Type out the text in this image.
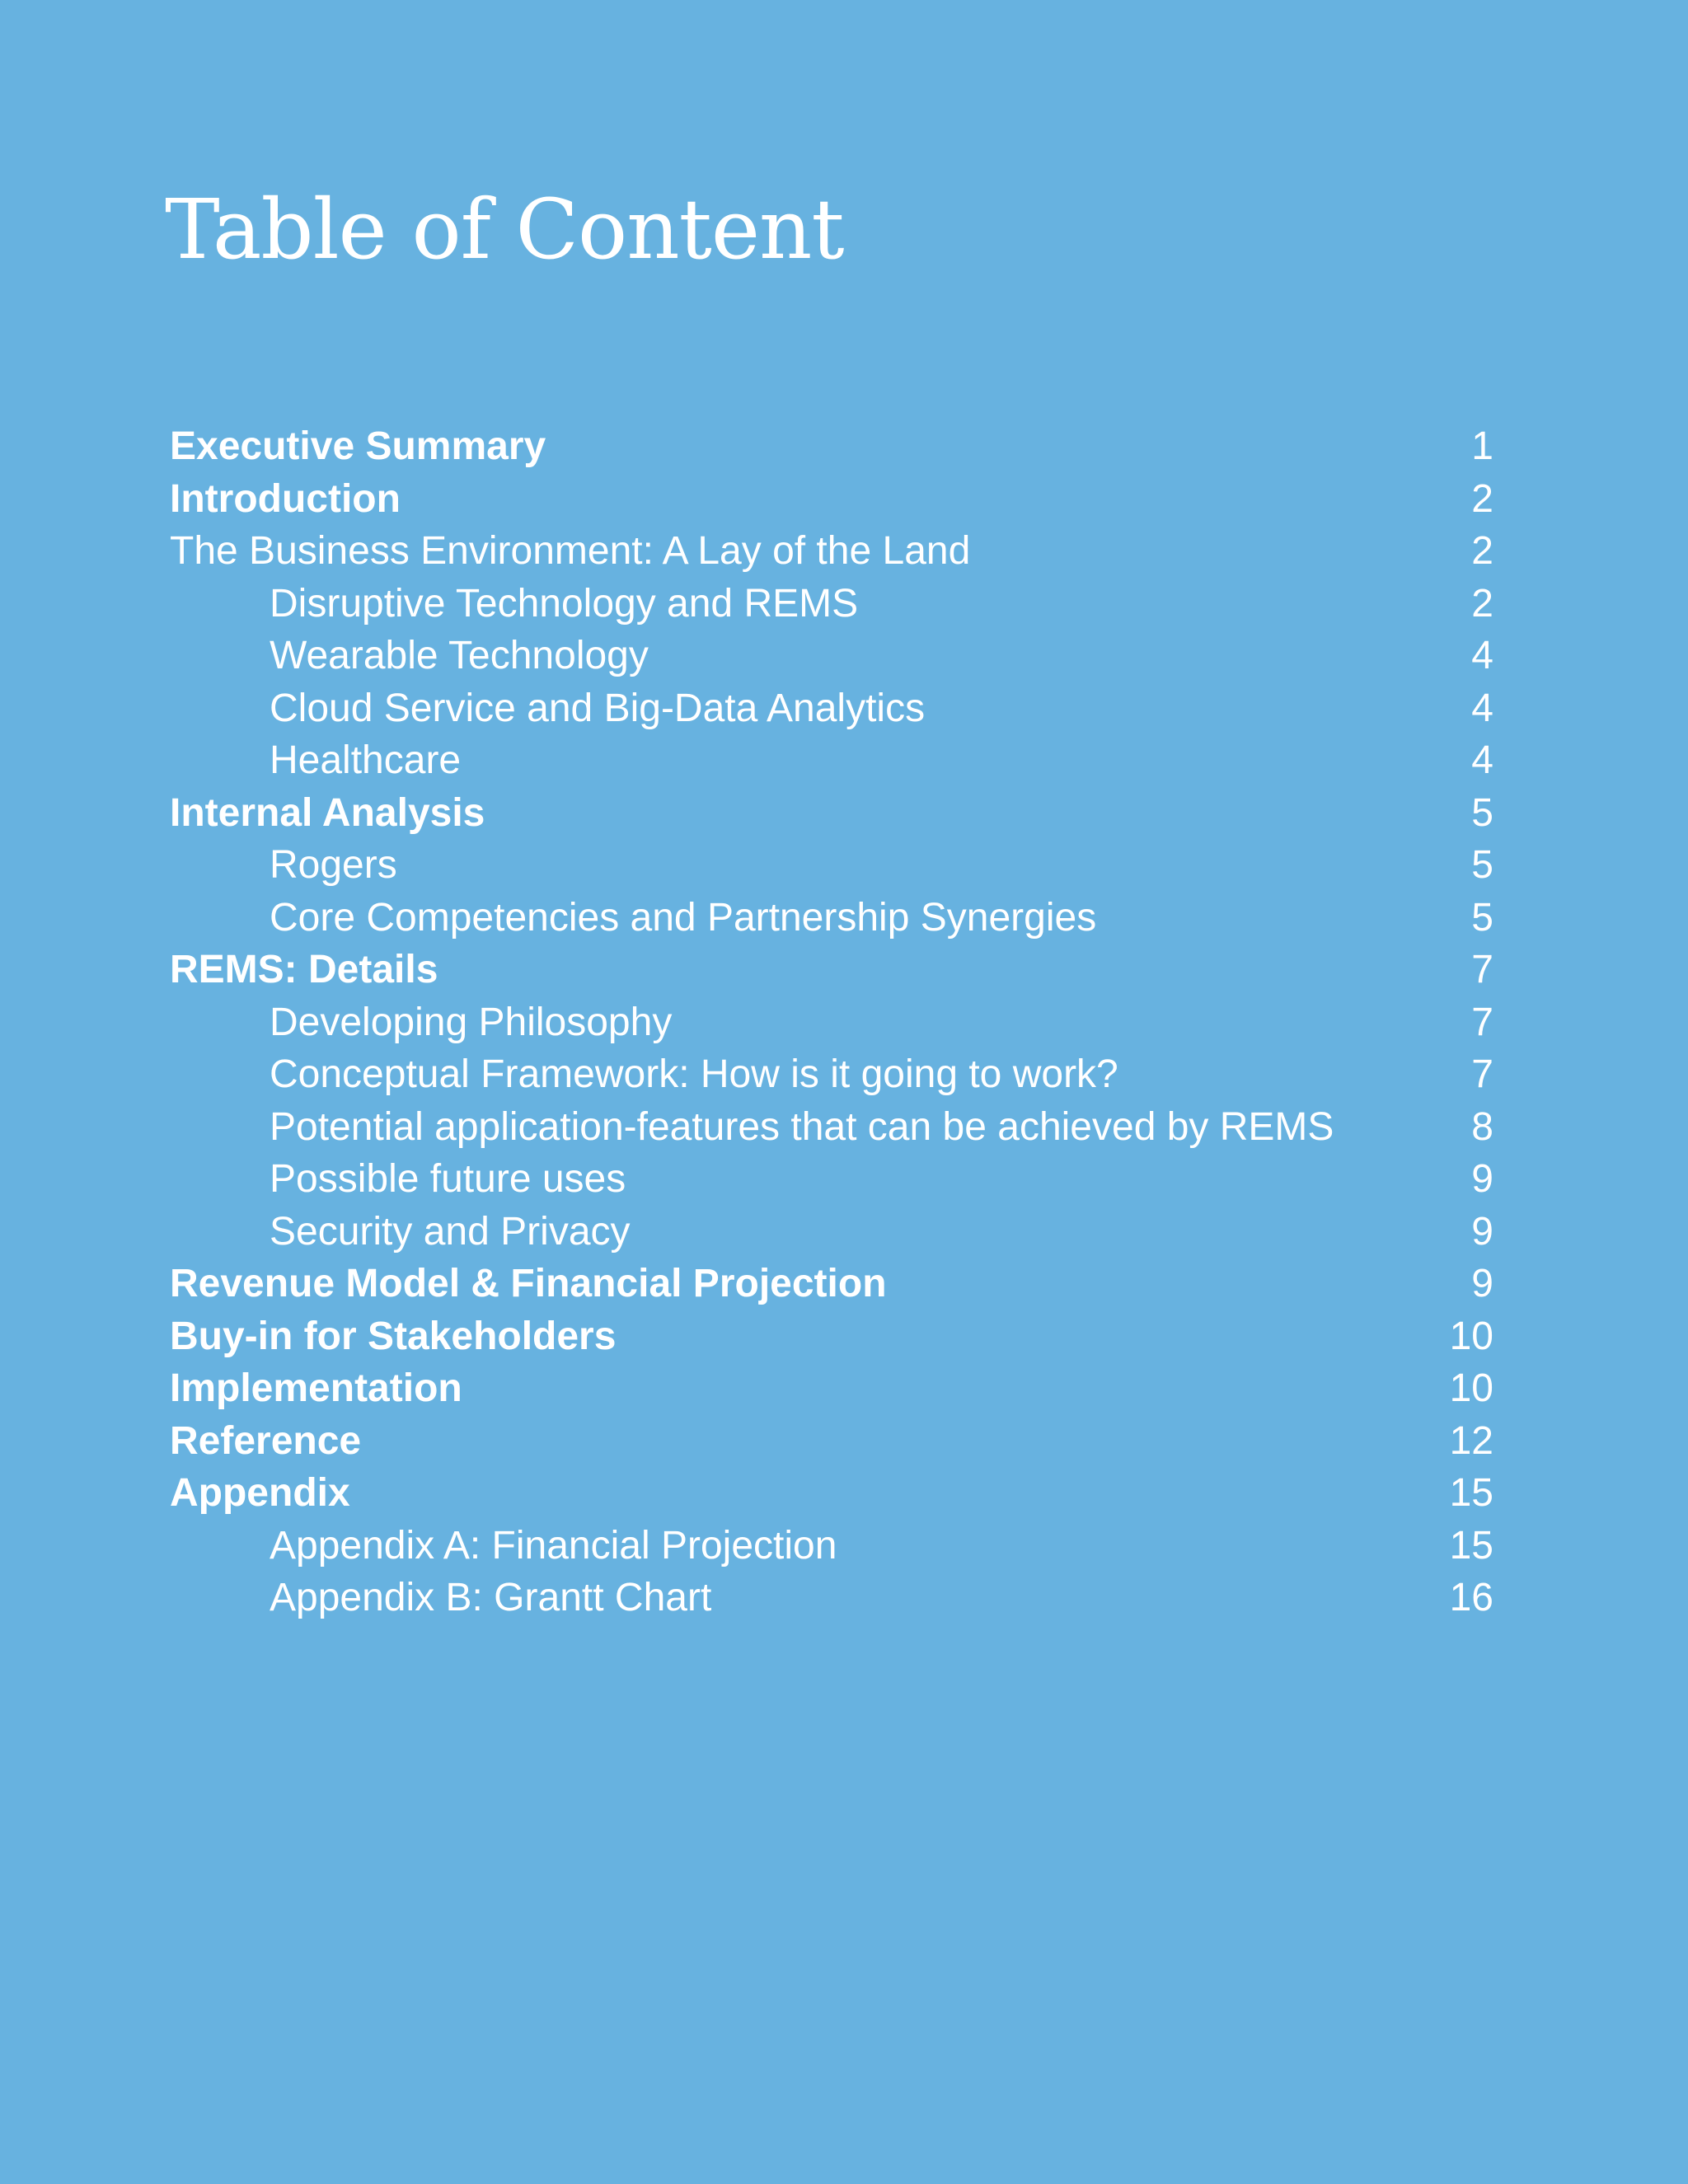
Table of Content
Executive Summary	1
Introduction	2
The Business Environment: A Lay of the Land	2
Disruptive Technology and REMS	2
Wearable Technology	4
Cloud Service and Big-Data Analytics	4
Healthcare	4
Internal Analysis	5
Rogers	5
Core Competencies and Partnership Synergies	5
REMS: Details	7
Developing Philosophy	7
Conceptual Framework: How is it going to work?	7
Potential application-features that can be achieved by REMS	8
Possible future uses	9
Security and Privacy	9
Revenue Model & Financial Projection	9
Buy-in for Stakeholders	10
Implementation	10
Reference	12
Appendix	15
Appendix A: Financial Projection	15
Appendix B: Grantt Chart	16
